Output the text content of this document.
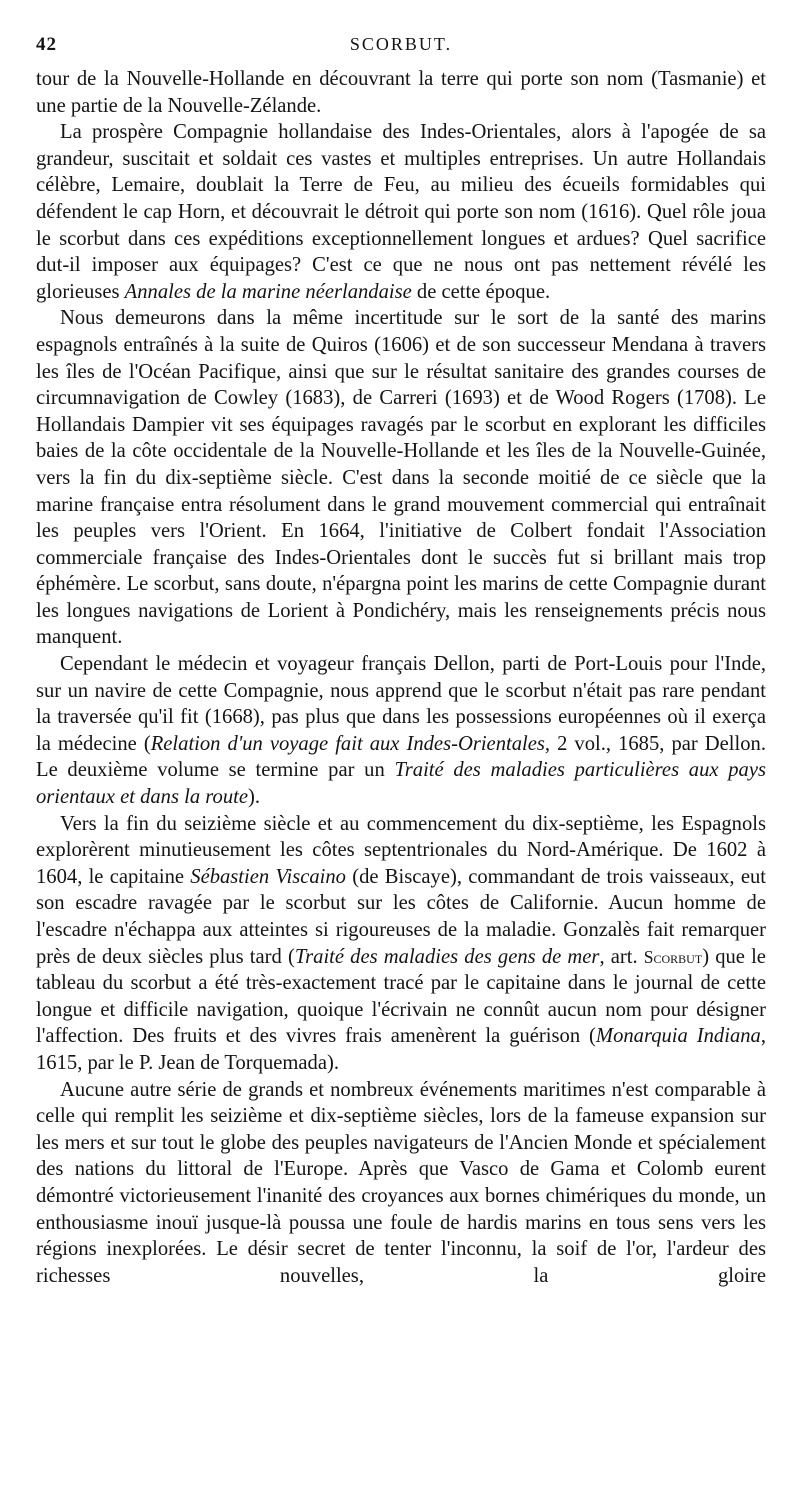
42	SCORBUT.

tour de la Nouvelle-Hollande en découvrant la terre qui porte son nom (Tasmanie) et une partie de la Nouvelle-Zélande.

La prospère Compagnie hollandaise des Indes-Orientales, alors à l'apogée de sa grandeur, suscitait et soldait ces vastes et multiples entreprises. Un autre Hollandais célèbre, Lemaire, doublait la Terre de Feu, au milieu des écueils formidables qui défendent le cap Horn, et découvrait le détroit qui porte son nom (1616). Quel rôle joua le scorbut dans ces expéditions exceptionnellement longues et ardues? Quel sacrifice dut-il imposer aux équipages? C'est ce que ne nous ont pas nettement révélé les glorieuses Annales de la marine néerlandaise de cette époque.

Nous demeurons dans la même incertitude sur le sort de la santé des marins espagnols entraînés à la suite de Quiros (1606) et de son successeur Mendana à travers les îles de l'Océan Pacifique, ainsi que sur le résultat sanitaire des grandes courses de circumnavigation de Cowley (1683), de Carreri (1693) et de Wood Rogers (1708). Le Hollandais Dampier vit ses équipages ravagés par le scorbut en explorant les difficiles baies de la côte occidentale de la Nouvelle-Hollande et les îles de la Nouvelle-Guinée, vers la fin du dix-septième siècle. C'est dans la seconde moitié de ce siècle que la marine française entra résolument dans le grand mouvement commercial qui entraînait les peuples vers l'Orient. En 1664, l'initiative de Colbert fondait l'Association commerciale française des Indes-Orientales dont le succès fut si brillant mais trop éphémère. Le scorbut, sans doute, n'épargna point les marins de cette Compagnie durant les longues navigations de Lorient à Pondichéry, mais les renseignements précis nous manquent.

Cependant le médecin et voyageur français Dellon, parti de Port-Louis pour l'Inde, sur un navire de cette Compagnie, nous apprend que le scorbut n'était pas rare pendant la traversée qu'il fit (1668), pas plus que dans les possessions européennes où il exerça la médecine (Relation d'un voyage fait aux Indes-Orientales, 2 vol., 1685, par Dellon. Le deuxième volume se termine par un Traité des maladies particulières aux pays orientaux et dans la route).

Vers la fin du seizième siècle et au commencement du dix-septième, les Espagnols explorèrent minutieusement les côtes septentrionales du Nord-Amérique. De 1602 à 1604, le capitaine Sébastien Viscaino (de Biscaye), commandant de trois vaisseaux, eut son escadre ravagée par le scorbut sur les côtes de Californie. Aucun homme de l'escadre n'échappa aux atteintes si rigoureuses de la maladie. Gonzalès fait remarquer près de deux siècles plus tard (Traité des maladies des gens de mer, art. Scorbut) que le tableau du scorbut a été très-exactement tracé par le capitaine dans le journal de cette longue et difficile navigation, quoique l'écrivain ne connût aucun nom pour désigner l'affection. Des fruits et des vivres frais amenèrent la guérison (Monarquia Indiana, 1615, par le P. Jean de Torquemada).

Aucune autre série de grands et nombreux événements maritimes n'est comparable à celle qui remplit les seizième et dix-septième siècles, lors de la fameuse expansion sur les mers et sur tout le globe des peuples navigateurs de l'Ancien Monde et spécialement des nations du littoral de l'Europe. Après que Vasco de Gama et Colomb eurent démontré victorieusement l'inanité des croyances aux bornes chimériques du monde, un enthousiasme inouï jusque-là poussa une foule de hardis marins en tous sens vers les régions inexplorées. Le désir secret de tenter l'inconnu, la soif de l'or, l'ardeur des richesses nouvelles, la gloire
